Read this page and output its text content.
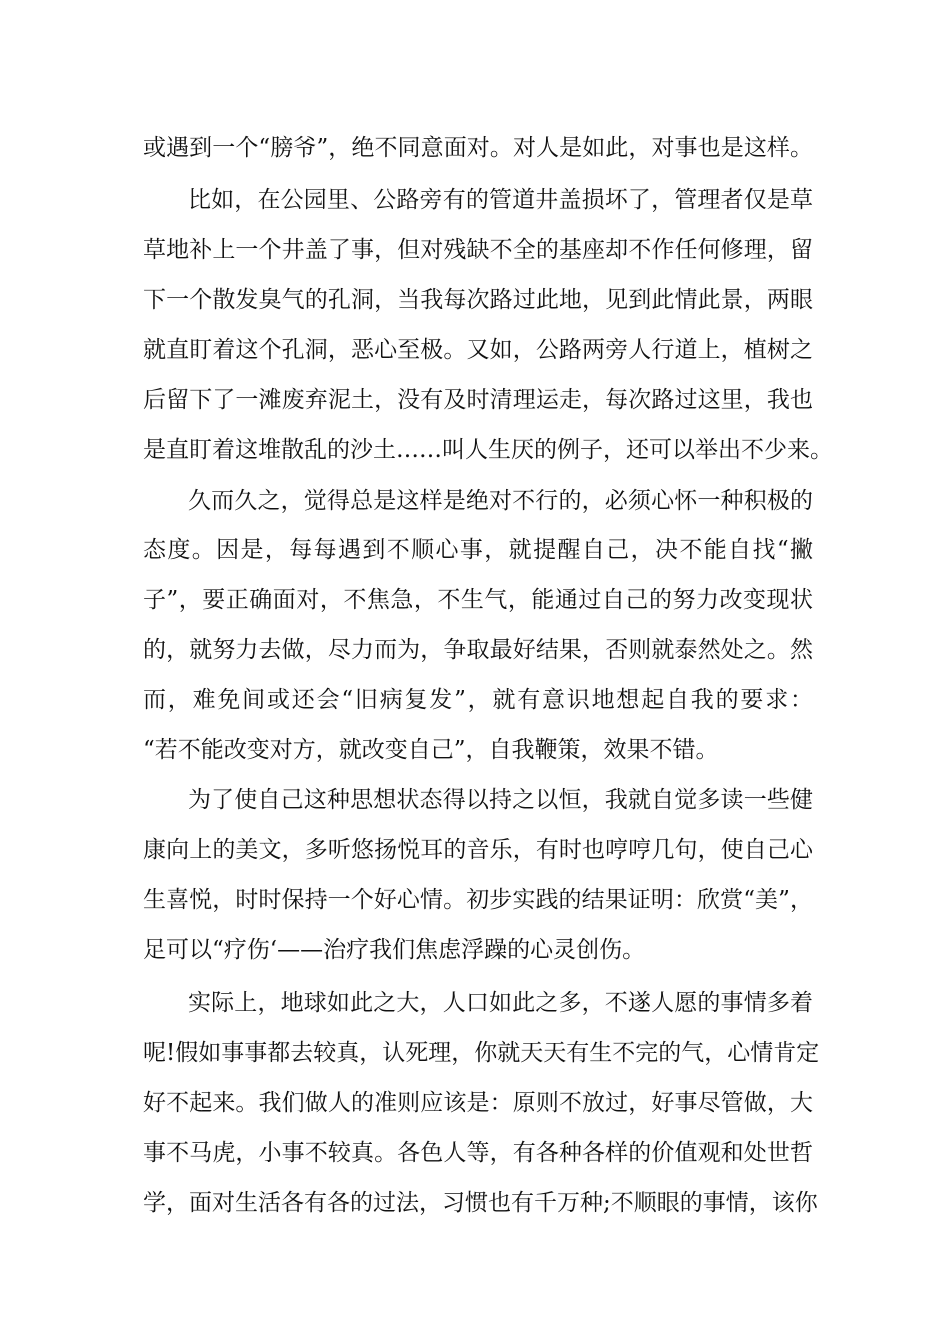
或遇到一个“膀爷”，绝不同意面对。对人是如此，对事也是这样。
比如，在公园里、公路旁有的管道井盖损坏了，管理者仅是草
草地补上一个井盖了事，但对残缺不全的基座却不作任何修理，留
下一个散发臭气的孔洞，当我每次路过此地，见到此情此景，两眼
就直盯着这个孔洞，恶心至极。又如，公路两旁人行道上，植树之
后留下了一滩废弃泥土，没有及时清理运走，每次路过这里，我也
是直盯着这堆散乱的沙土……叫人生厌的例子，还可以举出不少来。
久而久之，觉得总是这样是绝对不行的，必须心怀一种积极的
态度。因是，每每遇到不顺心事，就提醒自己，决不能自找“撇
子”，要正确面对，不焦急，不生气，能通过自己的努力改变现状
的，就努力去做，尽力而为，争取最好结果，否则就泰然处之。然
而，难免间或还会“旧病复发”，就有意识地想起自我的要求：
“若不能改变对方，就改变自己”，自我鞭策，效果不错。
为了使自己这种思想状态得以持之以恒，我就自觉多读一些健
康向上的美文，多听悠扬悦耳的音乐，有时也哼哼几句，使自己心
生喜悦，时时保持一个好心情。初步实践的结果证明：欣赏“美”，
足可以“疗伤‘——治疗我们焦虑浮躁的心灵创伤。
实际上，地球如此之大，人口如此之多，不遂人愿的事情多着
呢!假如事事都去较真，认死理，你就天天有生不完的气，心情肯定
好不起来。我们做人的准则应该是：原则不放过，好事尽管做，大
事不马虎，小事不较真。各色人等，有各种各样的价值观和处世哲
学，面对生活各有各的过法，习惯也有千万种;不顺眼的事情，该你
